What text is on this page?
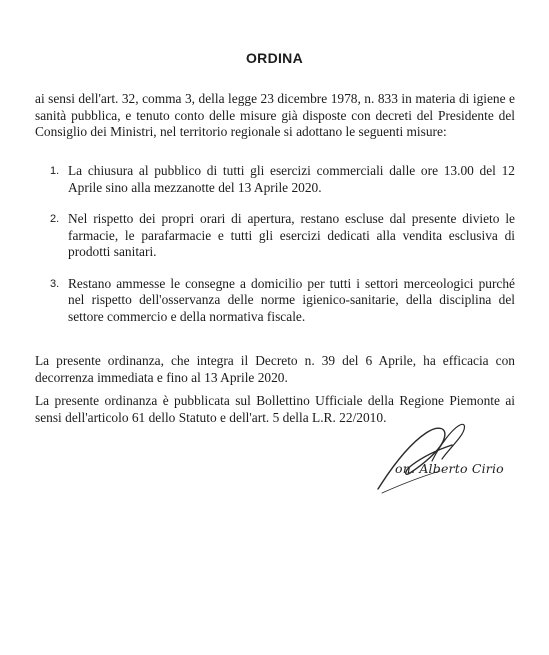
ORDINA
ai sensi dell'art. 32, comma 3, della legge 23 dicembre 1978, n. 833 in materia di igiene e sanità pubblica, e tenuto conto delle misure già disposte con decreti del Presidente del Consiglio dei Ministri, nel territorio regionale si adottano le seguenti misure:
1. La chiusura al pubblico di tutti gli esercizi commerciali dalle ore 13.00 del 12 Aprile sino alla mezzanotte del 13 Aprile 2020.
2. Nel rispetto dei propri orari di apertura, restano escluse dal presente divieto le farmacie, le parafarmacie e tutti gli esercizi dedicati alla vendita esclusiva di prodotti sanitari.
3. Restano ammesse le consegne a domicilio per tutti i settori merceologici purché nel rispetto dell'osservanza delle norme igienico-sanitarie, della disciplina del settore commercio e della normativa fiscale.
La presente ordinanza, che integra il Decreto n. 39 del 6 Aprile, ha efficacia con decorrenza immediata e fino al 13 Aprile 2020.
La presente ordinanza è pubblicata sul Bollettino Ufficiale della Regione Piemonte ai sensi dell'articolo 61 dello Statuto e dell'art. 5 della L.R. 22/2010.
on. Alberto Cirio
